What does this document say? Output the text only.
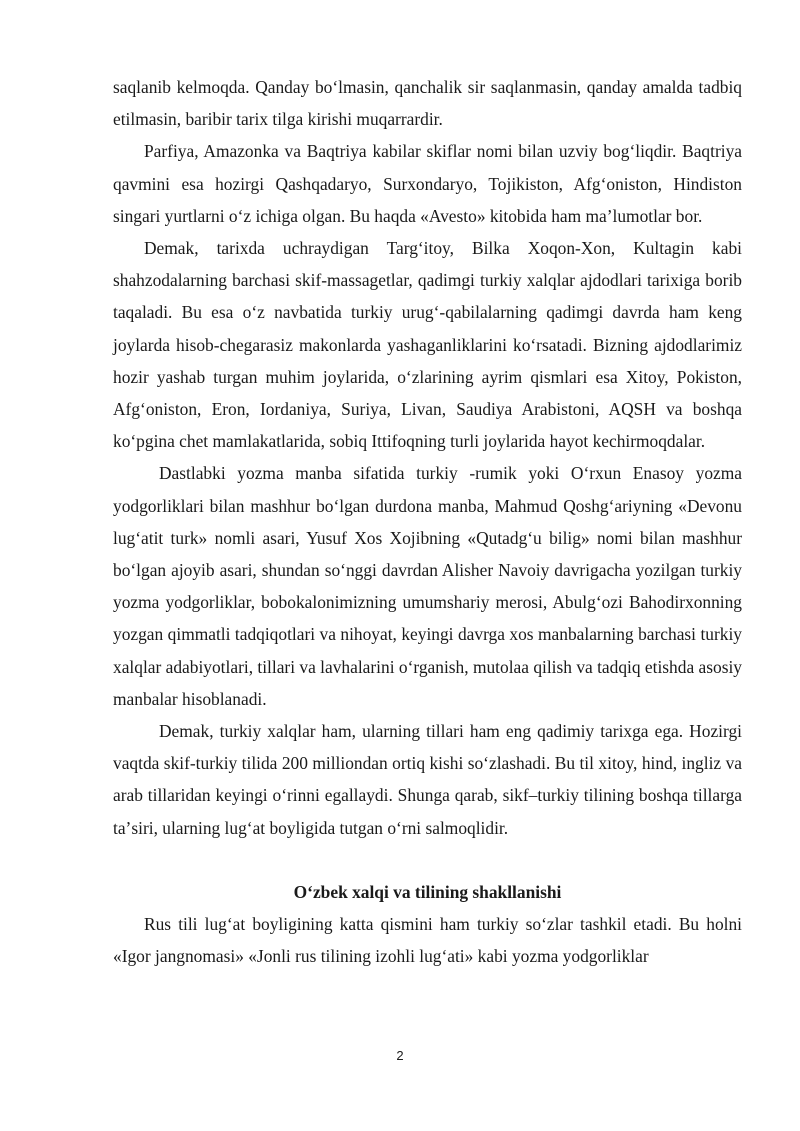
saqlanib kelmoqda. Qanday boʻlmasin, qanchalik sir saqlanmasin, qanday amalda tadbiq etilmasin, baribir tarix tilga kirishi muqarrardir.

Parfiya, Amazonka va Baqtriya kabilar skiflar nomi bilan uzviy bogʻliqdir. Baqtriya qavmini esa hozirgi Qashqadaryo, Surxondaryo, Tojikiston, Afgʻoniston, Hindiston singari yurtlarni oʻz ichiga olgan. Bu haqda «Avesto» kitobida ham maʼlumotlar bor.

Demak, tarixda uchraydigan Targʻitoy, Bilka Xoqon-Xon, Kultagin kabi shahzodalarning barchasi skif-massagetlar, qadimgi turkiy xalqlar ajdodlari tarixiga borib taqaladi. Bu esa oʻz navbatida turkiy urug‘-qabilalarning qadimgi davrda ham keng joylarda hisob-chegarasiz makonlarda yashaganliklarini koʻrsatadi. Bizning ajdodlarimiz hozir yashab turgan muhim joylarida, oʻzlarining ayrim qismlari esa Xitoy, Pokiston, Afgʻoniston, Eron, Iordaniya, Suriya, Livan, Saudiya Arabistoni, AQSH va boshqa koʻpgina chet mamlakatlarida, sobiq Ittifoqning turli joylarida hayot kechirmoqdalar.

Dastlabki yozma manba sifatida turkiy -rumik yoki Oʻrxun Enasoy yozma yodgorliklari bilan mashhur boʻlgan durdona manba, Mahmud Qoshgʻariyning «Devonu lugʻatit turk» nomli asari, Yusuf Xos Xojibning «Qutadgʻu bilig» nomi bilan mashhur boʻlgan ajoyib asari, shundan soʻnggi davrdan Alisher Navoiy davrigacha yozilgan turkiy yozma yodgorliklar, bobokalonimizning umumshariy merosi, Abulgʻozi Bahodirxonning yozgan qimmatli tadqiqotlari va nihoyat, keyingi davrga xos manbalarning barchasi turkiy xalqlar adabiyotlari, tillari va lavhalarini oʻrganish, mutolaa qilish va tadqiq etishda asosiy manbalar hisoblanadi.

Demak, turkiy xalqlar ham, ularning tillari ham eng qadimiy tarixga ega. Hozirgi vaqtda skif-turkiy tilida 200 milliondan ortiq kishi soʻzlashadi. Bu til xitoy, hind, ingliz va arab tillaridan keyingi oʻrinni egallaydi. Shunga qarab, sikf–turkiy tilining boshqa tillarga taʼsiri, ularning lugʻat boyligida tutgan oʻrni salmoqlidir.

Oʻzbek xalqi va tilining shakllanishi

Rus tili lugʻat boyligining katta qismini ham turkiy soʻzlar tashkil etadi. Bu holni «Igor jangnomasi» «Jonli rus tilining izohli lugʻati» kabi yozma yodgorliklar

2
